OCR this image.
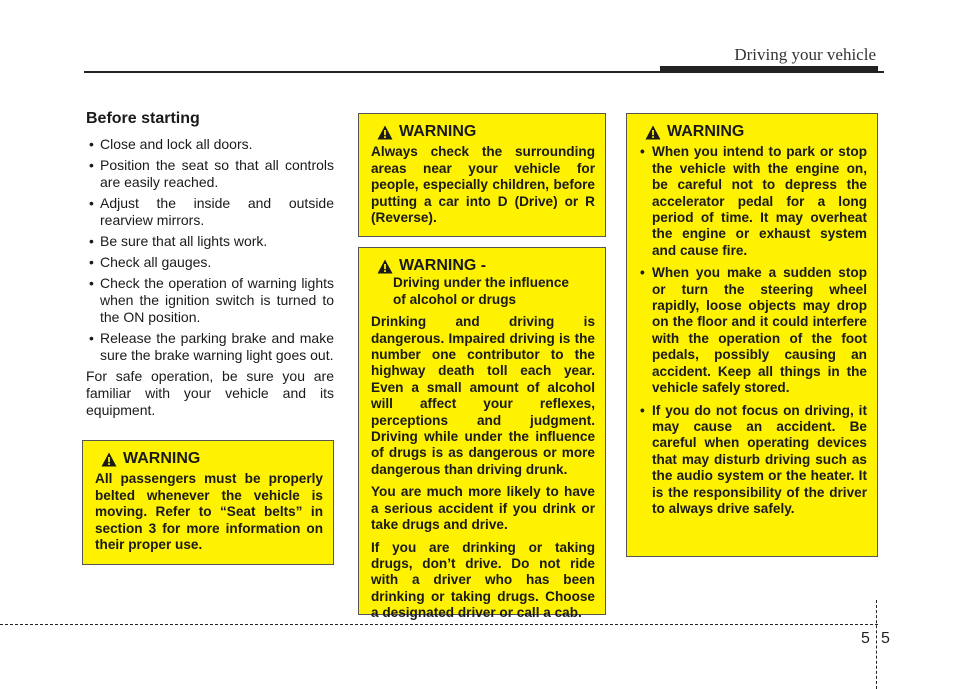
Driving your vehicle
Before starting
• Close and lock all doors.
• Position the seat so that all controls are easily reached.
• Adjust the inside and outside rearview mirrors.
• Be sure that all lights work.
• Check all gauges.
• Check the operation of warning lights when the ignition switch is turned to the ON position.
• Release the parking brake and make sure the brake warning light goes out.

For safe operation, be sure you are familiar with your vehicle and its equipment.

WARNING

All passengers must be properly belted whenever the vehicle is moving. Refer to “Seat belts” in section 3 for more information on their proper use.

WARNING

Always check the surrounding areas near your vehicle for people, especially children, before putting a car into D (Drive) or R (Reverse).

WARNING -
Driving under the influence
of alcohol or drugs

Drinking and driving is dangerous. Impaired driving is the number one contributor to the highway death toll each year. Even a small amount of alcohol will affect your reflexes, perceptions and judgment. Driving while under the influence of drugs is as dangerous or more dangerous than driving drunk.

You are much more likely to have a serious accident if you drink or take drugs and drive.

If you are drinking or taking drugs, don’t drive. Do not ride with a driver who has been drinking or taking drugs. Choose a designated driver or call a cab.

WARNING
• When you intend to park or stop the vehicle with the engine on, be careful not to depress the accelerator pedal for a long period of time. It may overheat the engine or exhaust system and cause fire.
• When you make a sudden stop or turn the steering wheel rapidly, loose objects may drop on the floor and it could interfere with the operation of the foot pedals, possibly causing an accident. Keep all things in the vehicle safely stored.
• If you do not focus on driving, it may cause an accident. Be careful when operating devices that may disturb driving such as the audio system or the heater. It is the responsibility of the driver to always drive safely.
5 5
